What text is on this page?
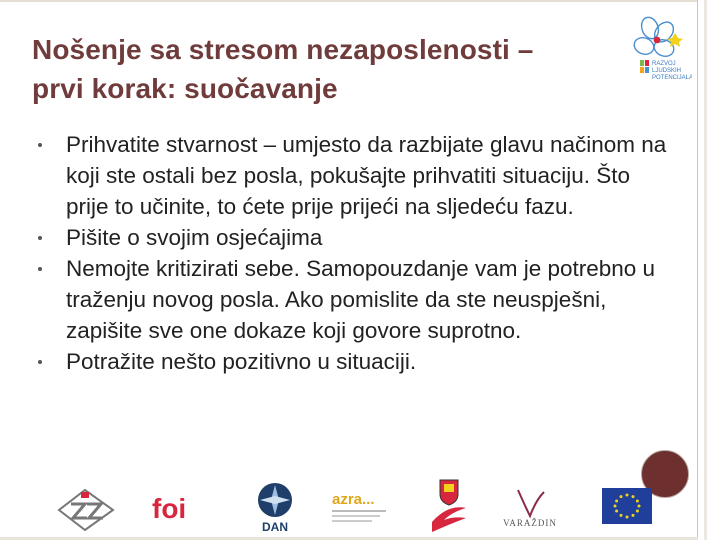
Nošenje sa stresom nezaposlenosti –
prvi korak: suočavanje
RAZVOJ
LJUDSKIH
POTENCIJALA
Prihvatite stvarnost – umjesto da razbijate glavu načinom na koji ste ostali bez posla, pokušajte prihvatiti situaciju. Što prije to učinite, to ćete prije prijeći na sljedeću fazu.
Pišite o svojim osjećajima
Nemojte kritizirati sebe. Samopouzdanje vam je potrebno u traženju novog posla. Ako pomislite da ste neuspješni, zapišite sve one dokaze koji govore suprotno.
Potražite nešto pozitivno u situaciji.
foi
DAN
azra...
VARAŽDIN
